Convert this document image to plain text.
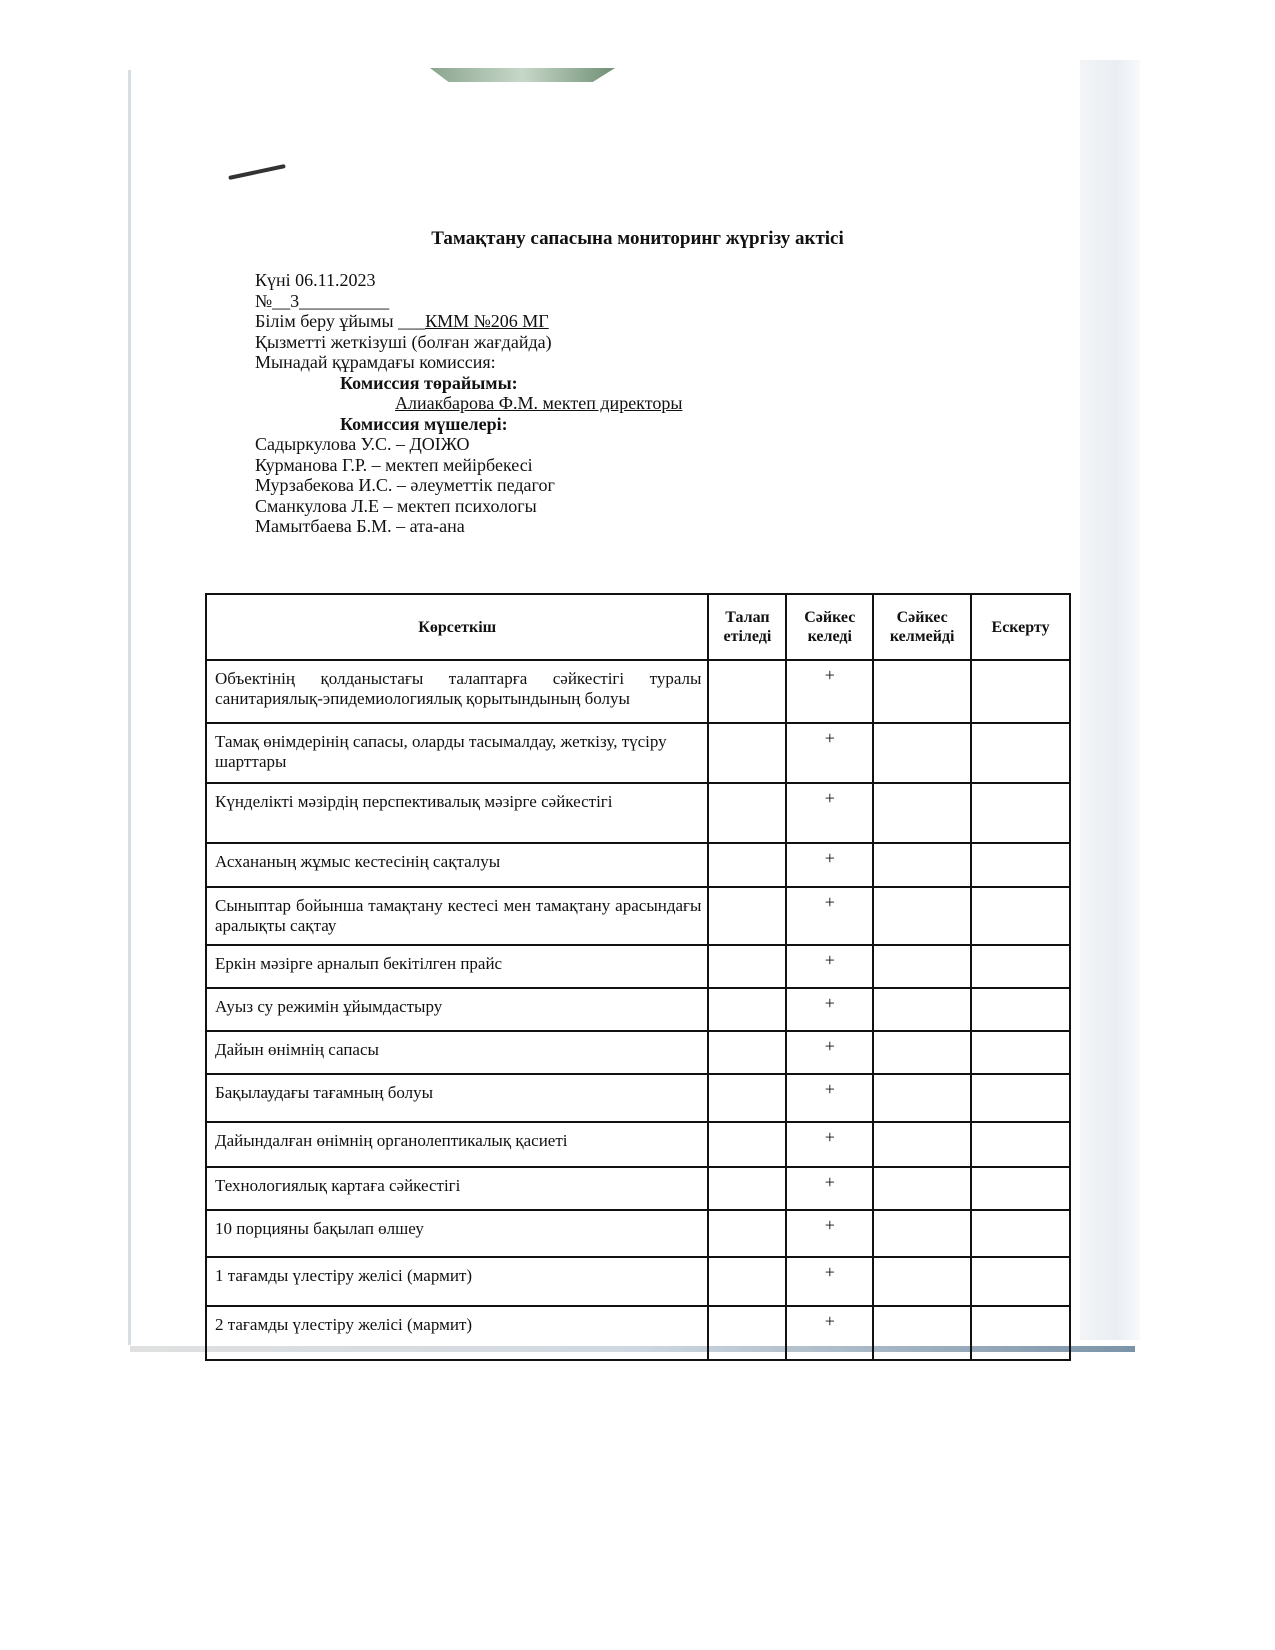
Тамақтану сапасына мониторинг жүргізу актісі
Күні 06.11.2023
№__3__________
Білім беру ұйымы ___КММ №206 МГ
Қызметті жеткізуші (болған жағдайда)
Мынадай құрамдағы комиссия:
Комиссия төрайымы:
Алиакбарова Ф.М. мектеп директоры
Комиссия мүшелері:
Садыркулова У.С. – ДОІЖО
Курманова Г.Р. – мектеп мейірбекесі
Мурзабекова И.С. – әлеуметтік педагог
Сманкулова Л.Е – мектеп психологы
Мамытбаева Б.М. – ата-ана
Көрсеткіш	Талап етіледі	Сәйкес келеді	Сәйкес келмейді	Ескерту
Объектінің қолданыстағы талаптарға сәйкестігі туралы санитариялық-эпидемиологиялық қорытындының болуы		+		
Тамақ өнімдерінің сапасы, оларды тасымалдау, жеткізу, түсіру шарттары		+		
Күнделікті мәзірдің перспективалық мәзірге сәйкестігі		+		
Асхананың жұмыс кестесінің сақталуы		+		
Сыныптар бойынша тамақтану кестесі мен тамақтану арасындағы аралықты сақтау		+		
Еркін мәзірге арналып бекітілген прайс		+		
Ауыз су режимін ұйымдастыру		+		
Дайын өнімнің сапасы		+		
Бақылаудағы тағамның болуы		+		
Дайындалған өнімнің органолептикалық қасиеті		+		
Технологиялық картаға сәйкестігі		+		
10 порцияны бақылап өлшеу		+		
1 тағамды үлестіру желісі (мармит)		+		
2 тағамды үлестіру желісі (мармит)		+		
